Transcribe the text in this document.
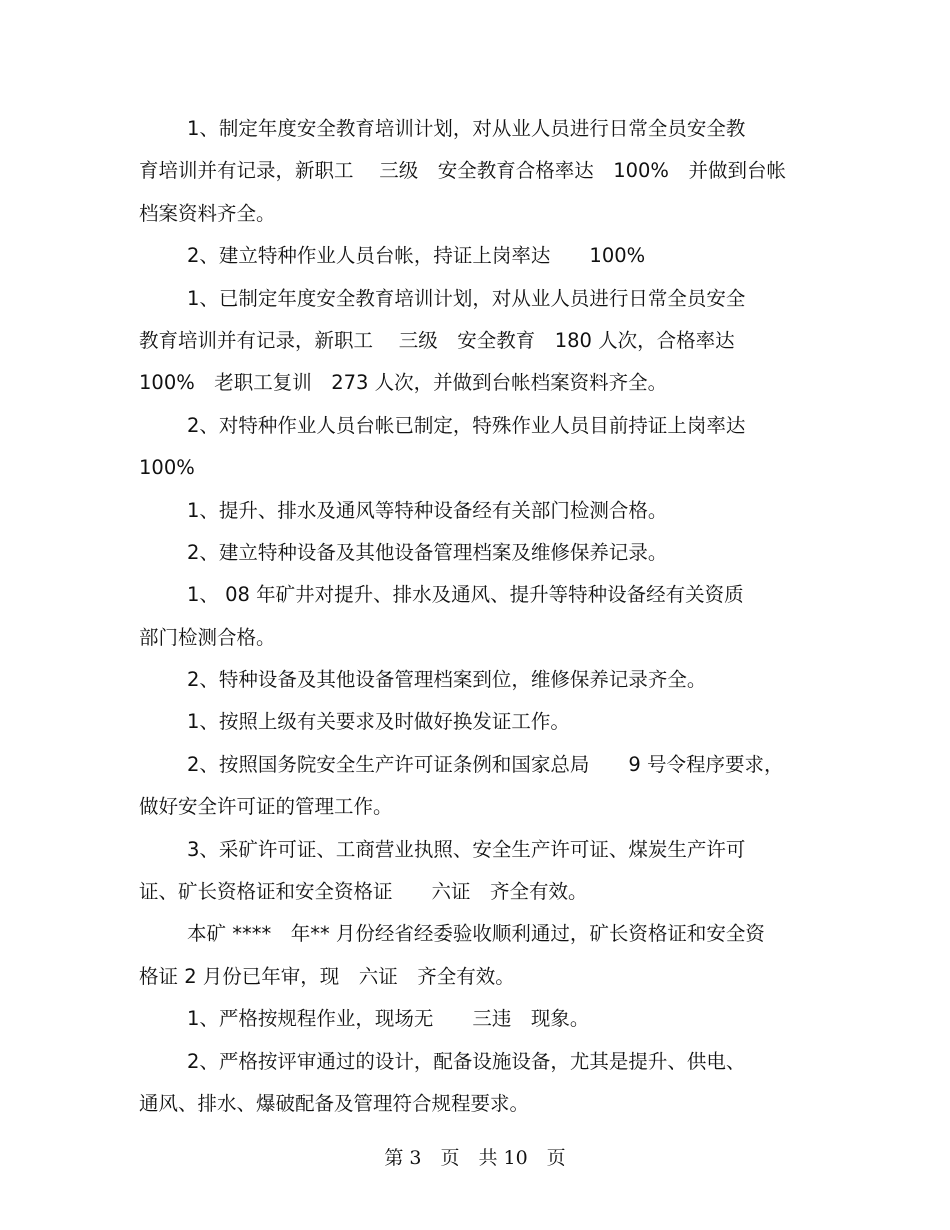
1、制定年度安全教育培训计划，对从业人员进行日常全员安全教
育培训并有记录，新职工　 三级　安全教育合格率达　100%　并做到台帐
档案资料齐全。
2、建立特种作业人员台帐，持证上岗率达　　100%
1、已制定年度安全教育培训计划，对从业人员进行日常全员安全
教育培训并有记录，新职工　 三级　安全教育　180 人次，合格率达
100%　老职工复训　273 人次，并做到台帐档案资料齐全。
2、对特种作业人员台帐已制定，特殊作业人员目前持证上岗率达
100%
1、提升、排水及通风等特种设备经有关部门检测合格。
2、建立特种设备及其他设备管理档案及维修保养记录。
1、 08 年矿井对提升、排水及通风、提升等特种设备经有关资质
部门检测合格。
2、特种设备及其他设备管理档案到位，维修保养记录齐全。
1、按照上级有关要求及时做好换发证工作。
2、按照国务院安全生产许可证条例和国家总局　　9 号令程序要求，
做好安全许可证的管理工作。
3、采矿许可证、工商营业执照、安全生产许可证、煤炭生产许可
证、矿长资格证和安全资格证　　六证　齐全有效。
本矿 ****　年** 月份经省经委验收顺利通过，矿长资格证和安全资
格证 2 月份已年审，现　六证　齐全有效。
1、严格按规程作业，现场无　　三违　现象。
2、严格按评审通过的设计，配备设施设备，尤其是提升、供电、
通风、排水、爆破配备及管理符合规程要求。
第 3　页　共 10　页
